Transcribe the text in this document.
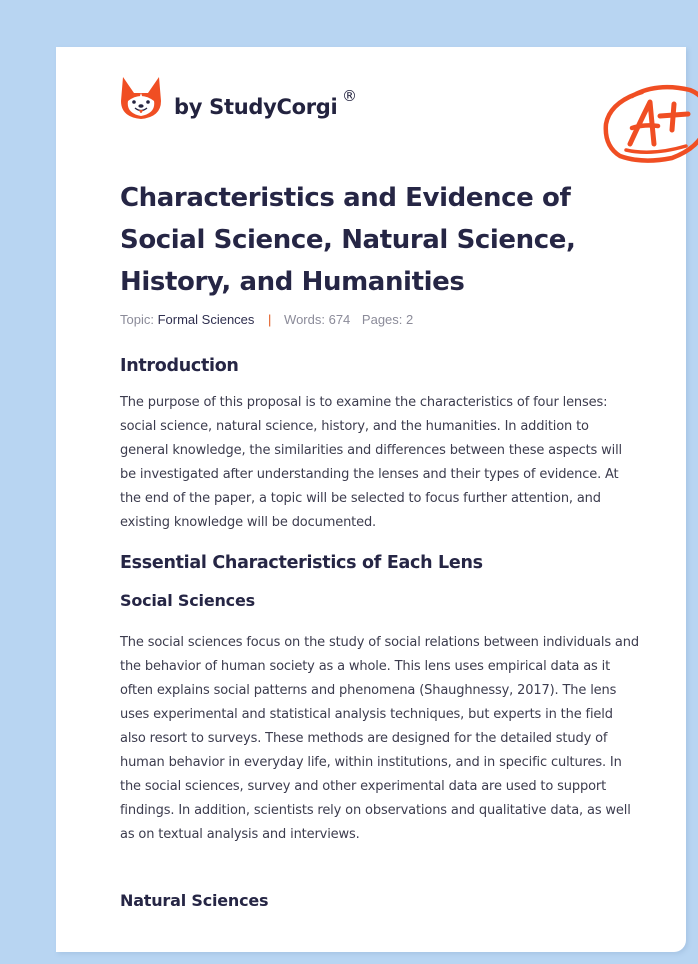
by StudyCorgi ®
Characteristics and Evidence of Social Science, Natural Science, History, and Humanities
Topic: Formal Sciences | Words: 674 Pages: 2
Introduction

The purpose of this proposal is to examine the characteristics of four lenses: social science, natural science, history, and the humanities. In addition to general knowledge, the similarities and differences between these aspects will be investigated after understanding the lenses and their types of evidence. At the end of the paper, a topic will be selected to focus further attention, and existing knowledge will be documented.

Essential Characteristics of Each Lens
Social Sciences

The social sciences focus on the study of social relations between individuals and the behavior of human society as a whole. This lens uses empirical data as it often explains social patterns and phenomena (Shaughnessy, 2017). The lens uses experimental and statistical analysis techniques, but experts in the field also resort to surveys. These methods are designed for the detailed study of human behavior in everyday life, within institutions, and in specific cultures. In the social sciences, survey and other experimental data are used to support findings. In addition, scientists rely on observations and qualitative data, as well as on textual analysis and interviews.

Natural Sciences
